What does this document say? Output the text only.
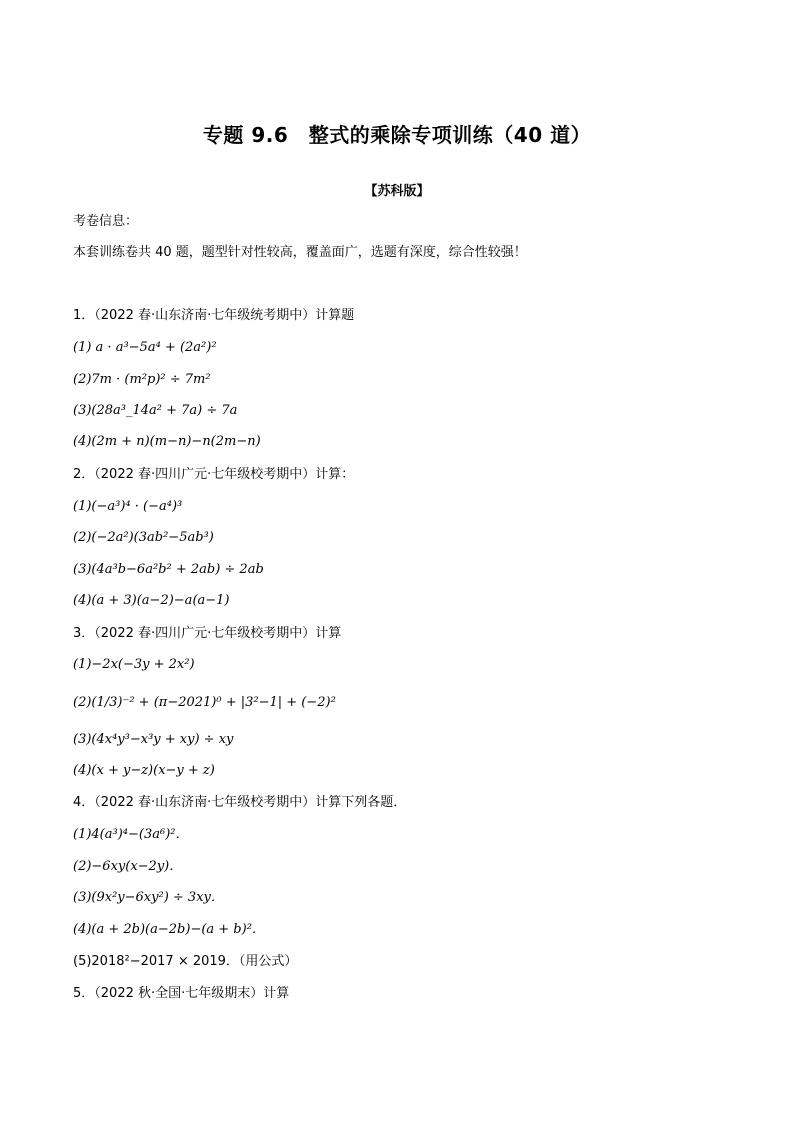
专题 9.6　整式的乘除专项训练（40 道）
【苏科版】
考卷信息：
本套训练卷共 40 题，题型针对性较高，覆盖面广，选题有深度，综合性较强！
1．（2022 春·山东济南·七年级统考期中）计算题
(1) a · a³−5a⁴ + (2a²)²
(2)7m · (m²p)² ÷ 7m²
(3)(28a³_14a² + 7a) ÷ 7a
(4)(2m + n)(m−n)−n(2m−n)
2．（2022 春·四川广元·七年级校考期中）计算：
(1)(−a³)⁴ · (−a⁴)³
(2)(−2a²)(3ab²−5ab³)
(3)(4a³b−6a²b² + 2ab) ÷ 2ab
(4)(a + 3)(a−2)−a(a−1)
3．（2022 春·四川广元·七年级校考期中）计算
(1)−2x(−3y + 2x²)
(2)(1/3)⁻² + (π−2021)⁰ + |3²−1| + (−2)²
(3)(4x⁴y³−x³y + xy) ÷ xy
(4)(x + y−z)(x−y + z)
4．（2022 春·山东济南·七年级校考期中）计算下列各题．
(1)4(a³)⁴−(3a⁶)²．
(2)−6xy(x−2y)．
(3)(9x²y−6xy²) ÷ 3xy．
(4)(a + 2b)(a−2b)−(a + b)²．
(5)2018²−2017 × 2019．（用公式）
5．（2022 秋·全国·七年级期末）计算
